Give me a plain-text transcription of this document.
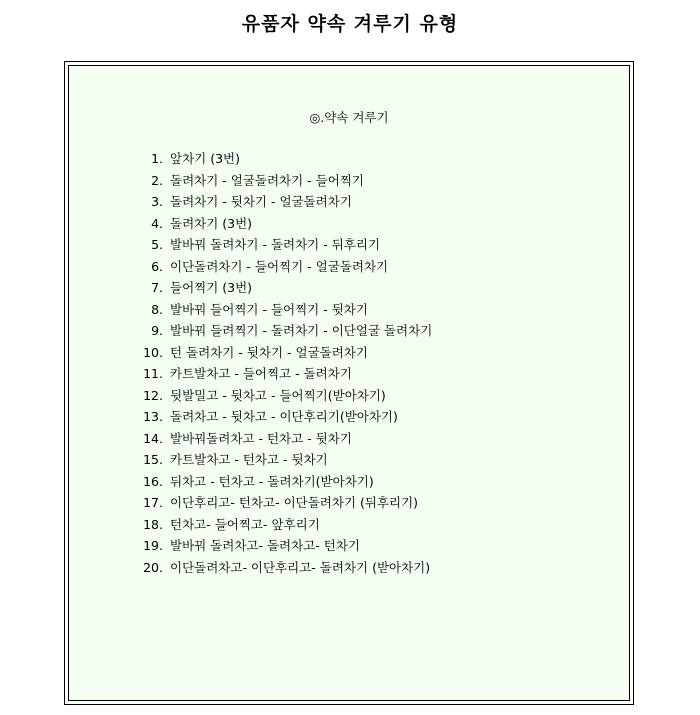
유품자 약속 겨루기 유형
◎.약속 겨루기
1. 앞차기 (3번)
2. 돌려차기 - 얼굴돌려차기 - 들어찍기
3. 돌려차기 - 뒷차기 - 얼굴돌려차기
4. 돌려차기 (3번)
5. 발바꿔 돌려차기 - 돌려차기 - 뒤후리기
6. 이단돌려차기 - 들어찍기 - 얼굴돌려차기
7. 들어찍기 (3번)
8. 발바꿔 들어찍기 - 들어찍기 - 뒷차기
9. 발바꿔 들려찍기 - 돌려차기 - 이단얼굴 돌려차기
10. 턴 돌려차기 - 뒷차기 - 얼굴돌려차기
11. 카트발차고 - 들어찍고 - 돌려차기
12. 뒷발밀고 - 뒷차고 - 들어찍기(받아차기)
13. 돌려차고 - 뒷차고 - 이단후리기(받아차기)
14. 발바꿔돌려차고 - 턴차고 - 뒷차기
15. 카트발차고 - 턴차고 - 뒷차기
16. 뒤차고 - 턴차고 - 돌려차기(받아차기)
17. 이단후리고- 턴차고- 이단돌려차기 (뒤후리기)
18. 턴차고- 들어찍고- 앞후리기
19. 발바꿔 돌려차고- 돌려차고- 턴차기
20. 이단돌려차고- 이단후리고- 돌려차기 (받아차기)
